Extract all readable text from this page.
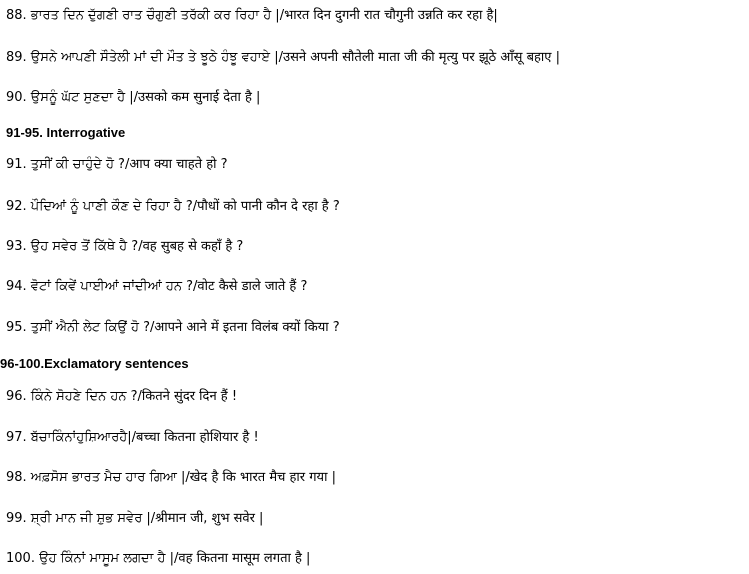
88. ਭਾਰਤ ਦਿਨ ਦੁੱਗਣੀ ਰਾਤ ਚੌਗੁਣੀ ਤਰੱਕੀ ਕਰ ਰਿਹਾ ਹੈ |/भारत दिन दुगनी रात चौगुनी उन्नति कर रहा है|
89. ਉਸਨੇ ਆਪਣੀ ਸੌਤੇਲੀ ਮਾਂ ਦੀ ਮੌਤ ਤੇ ਝੂਠੇ ਹੰਝੂ ਵਹਾਏ |/उसने अपनी सौतेली माता जी की मृत्यु पर झूठे आँसू बहाए |
90. ਉਸਨੂੰ ਘੱਟ ਸੁਣਦਾ ਹੈ |/उसको कम सुनाई देता है |
91-95. Interrogative
91. ਤੁਸੀਂ ਕੀ ਚਾਹੁੰਦੇ ਹੋ ?/आप क्या चाहते हो ?
92. ਪੌਦਿਆਂ ਨੂੰ ਪਾਣੀ ਕੌਣ ਦੇ ਰਿਹਾ ਹੈ ?/पौधों को पानी कौन दे रहा है ?
93. ਉਹ ਸਵੇਰ ਤੋਂ ਕਿੱਥੇ ਹੈ ?/वह सुबह से कहाँ है ?
94. ਵੋਟਾਂ ਕਿਵੇਂ ਪਾਈਆਂ ਜਾਂਦੀਆਂ ਹਨ ?/वोट कैसे डाले जाते हैं ?
95. ਤੁਸੀਂ ਐਨੀ ਲੇਟ ਕਿਉਂ ਹੋ ?/आपने आने में इतना विलंब क्यों किया ?
96-100.Exclamatory sentences
96. ਕਿੰਨੇ ਸੋਹਣੇ ਦਿਨ ਹਨ ?/कितने सुंदर दिन हैं !
97. ਬੱਚਾਕਿੰਨਾਂਹੁਸ਼ਿਆਰਹੈ|/बच्चा कितना होशियार है !
98. ਅਫ਼ਸੋਸ ਭਾਰਤ ਮੈਚ ਹਾਰ ਗਿਆ |/खेद है कि भारत मैच हार गया |
99. ਸ਼੍ਰੀ ਮਾਨ ਜੀ ਸ਼ੁਭ ਸਵੇਰ |/श्रीमान जी, शुभ सवेर |
100. ਉਹ ਕਿੰਨਾਂ ਮਾਸੂਮ ਲਗਦਾ ਹੈ |/वह कितना मासूम लगता है |
